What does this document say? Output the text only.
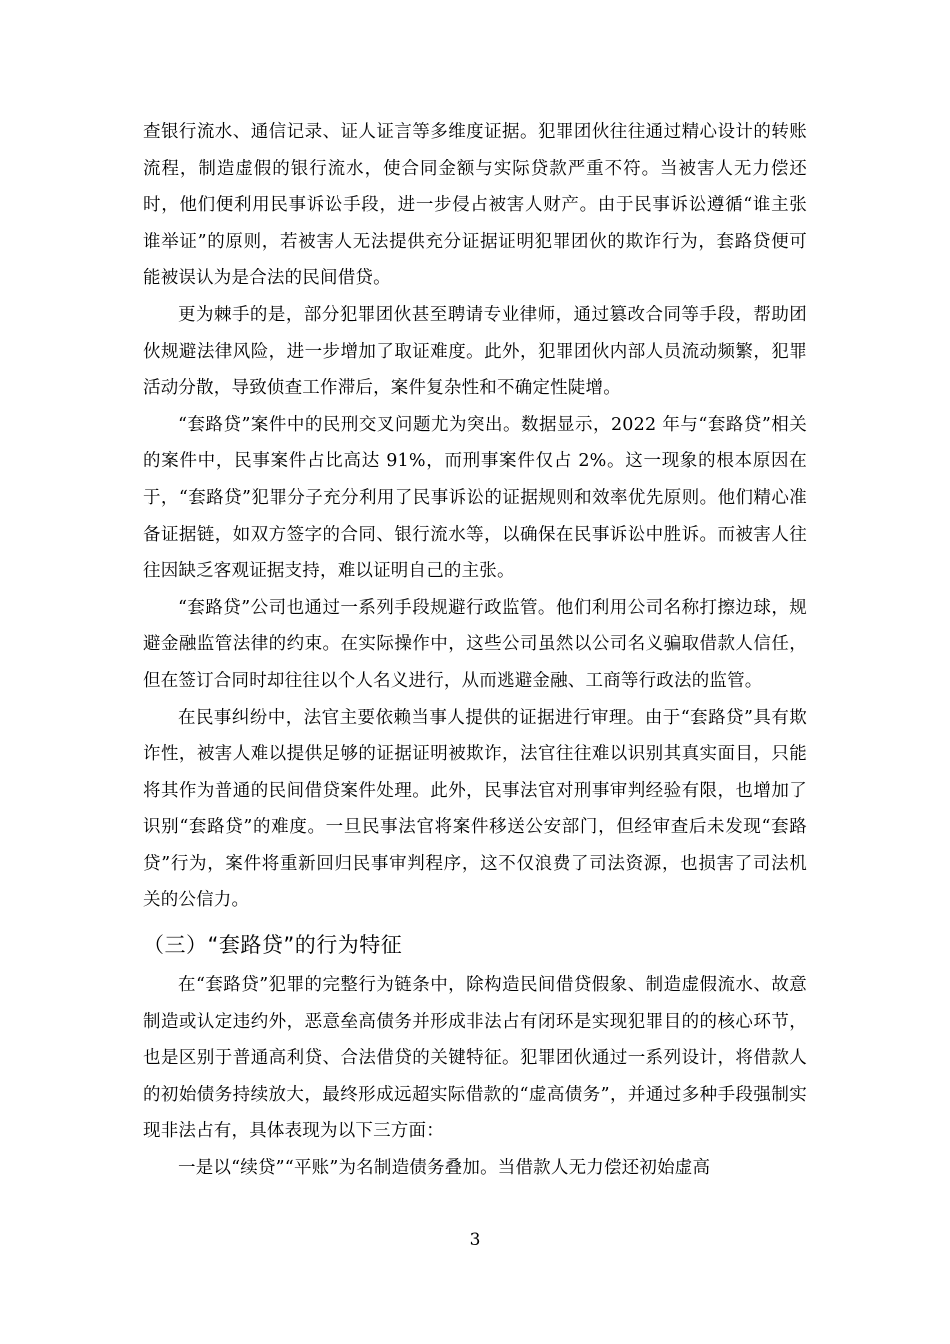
查银行流水、通信记录、证人证言等多维度证据。犯罪团伙往往通过精心设计的转账流程，制造虚假的银行流水，使合同金额与实际贷款严重不符。当被害人无力偿还时，他们便利用民事诉讼手段，进一步侵占被害人财产。由于民事诉讼遵循“谁主张谁举证”的原则，若被害人无法提供充分证据证明犯罪团伙的欺诈行为，套路贷便可能被误认为是合法的民间借贷。

更为棘手的是，部分犯罪团伙甚至聘请专业律师，通过篡改合同等手段，帮助团伙规避法律风险，进一步增加了取证难度。此外，犯罪团伙内部人员流动频繁，犯罪活动分散，导致侦查工作滞后，案件复杂性和不确定性陡增。

“套路贷”案件中的民刑交叉问题尤为突出。数据显示，2022 年与“套路贷”相关的案件中，民事案件占比高达 91%，而刑事案件仅占 2%。这一现象的根本原因在于，“套路贷”犯罪分子充分利用了民事诉讼的证据规则和效率优先原则。他们精心准备证据链，如双方签字的合同、银行流水等，以确保在民事诉讼中胜诉。而被害人往往因缺乏客观证据支持，难以证明自己的主张。

“套路贷”公司也通过一系列手段规避行政监管。他们利用公司名称打擦边球，规避金融监管法律的约束。在实际操作中，这些公司虽然以公司名义骗取借款人信任，但在签订合同时却往往以个人名义进行，从而逃避金融、工商等行政法的监管。

在民事纠纷中，法官主要依赖当事人提供的证据进行审理。由于“套路贷”具有欺诈性，被害人难以提供足够的证据证明被欺诈，法官往往难以识别其真实面目，只能将其作为普通的民间借贷案件处理。此外，民事法官对刑事审判经验有限，也增加了识别“套路贷”的难度。一旦民事法官将案件移送公安部门，但经审查后未发现“套路贷”行为，案件将重新回归民事审判程序，这不仅浪费了司法资源，也损害了司法机关的公信力。

（三）“套路贷”的行为特征

在“套路贷”犯罪的完整行为链条中，除构造民间借贷假象、制造虚假流水、故意制造或认定违约外，恶意垒高债务并形成非法占有闭环是实现犯罪目的的核心环节，也是区别于普通高利贷、合法借贷的关键特征。犯罪团伙通过一系列设计，将借款人的初始债务持续放大，最终形成远超实际借款的“虚高债务”，并通过多种手段强制实现非法占有，具体表现为以下三方面：

一是以“续贷”“平账”为名制造债务叠加。当借款人无力偿还初始虚高

3
